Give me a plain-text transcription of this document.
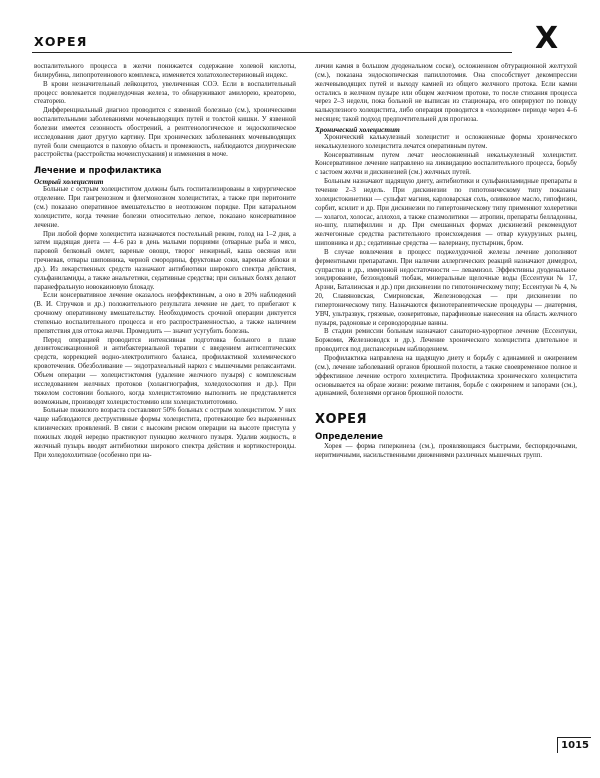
ХОРЕЯ	Х

воспалительного процесса в желчи понижается содержание холевой кислоты, билирубина, липопротеинового комплекса, изменяется холатохолестериновый индекс.

В крови незначительный лейкоцитоз, увеличенная СОЭ. Если в воспалительный процесс вовлекается поджелудочная железа, то обнаруживают амилорею, креаторею, стеаторею.

Дифференциальный диагноз проводится с язвенной болезнью (см.), хроническими воспалительными заболеваниями мочевыводящих путей и толстой кишки. У язвенной болезни имеется сезонность обострений, а рентгенологическое и эндоскопическое исследования дают другую картину. При хронических заболеваниях мочевыводящих путей боли смещаются в паховую область и промежность, наблюдаются дизурические расстройства (расстройства мочеиспускания) и изменения в моче.

Лечение и профилактика
Острый холецистит

Больные с острым холециститом должны быть госпитализированы в хирургическое отделение. При гангренозном и флегмонозном холециститах, а также при перитоните (см.) показано оперативное вмешательство в неотложном порядке. При катаральном холецистите, когда течение болезни относительно легкое, показано консервативное лечение.

При любой форме холецистита назначаются постельный режим, голод на 1–2 дня, а затем щадящая диета — 4–6 раз в день малыми порциями (отварные рыба и мясо, паровой белковый омлет, вареные овощи, творог нежирный, каша овсяная или гречневая, отвары шиповника, черной смородины, фруктовые соки, вареные яблоки и др.). Из лекарственных средств назначают антибиотики широкого спектра действия, сульфаниламиды, а также анальгетики, седативные средства; при сильных болях делают паранефральную новокаиновую блокаду.

Если консервативное лечение оказалось неэффективным, а оно в 20% наблюдений (В. И. Стручков и др.) положительного результата лечение не дает, то прибегают к срочному оперативному вмешательству. Необходимость срочной операции диктуется степенью воспалительного процесса и его распространенностью, а также наличием препятствия для оттока желчи. Промедлить — значит усугубить болезнь.

Перед операцией проводится интенсивная подготовка больного в плане дезинтоксикационной и антибактериальной терапии с введением антисептических средств, коррекцией водно-электролитного баланса, профилактикой холемического кровотечения. Обезболивание — эндотрахеальный наркоз с мышечными релаксантами. Объем операции — холецистэктомия (удаление желчного пузыря) с комплексным исследованием желчных протоков (холангиография, холедохоскопия и др.). При тяжелом состоянии больного, когда холецистэктомию выполнить не представляется возможным, производят холецистостомию или холецистолитотомию.

Больные пожилого возраста составляют 50% больных с острым холециститом. У них чаще наблюдаются деструктивные формы холецистита, протекающие без выраженных клинических проявлений. В связи с высоким риском операции на высоте приступа у пожилых людей нередко практикуют пункцию желчного пузыря. Удалив жидкость, в желчный пузырь вводят антибиотики широкого спектра действия и кортикостероиды. При холедохолитиазе (особенно при на-

личии камня в большом дуоденальном соске), осложненном обтурационной желтухой (см.), показана эндоскопическая папиллотомия. Она способствует декомпрессии желчевыводящих путей и выходу камней из общего желчного протока. Если камни остались в желчном пузыре или общем желчном протоке, то после стихания процесса через 2–3 недели, пока больной не выписан из стационара, его оперируют по поводу калькулезного холецистита, либо операция проводится в «холодном» периоде через 4–6 месяцев; такой подход предпочтительней для прогноза.

Хронический холецистит

Хронический калькулезный холецистит и осложненные формы хронического некалькулезного холецистита лечатся оперативным путем.

Консервативным путем лечат неосложненный некалькулезный холецистит. Консервативное лечение направлено на ликвидацию воспалительного процесса, борьбу с застоем желчи и дискинезией (см.) желчных путей.

Больным назначают щадящую диету, антибиотики и сульфаниламидные препараты в течение 2–3 недель. При дискинезии по гипотоническому типу показаны холецистокинетики — сульфат магния, карловарская соль, оливковое масло, гипофизин, сорбит, ксилит и др. При дискинезии по гипертоническому типу применяют холеретики — холагол, холосас, аллохол, а также спазмолитики — атропин, препараты белладонны, но-шпу, платифиллин и др. При смешанных формах дискинезий рекомендуют желчегонные средства растительного происхождения — отвар кукурузных рылец, шиповника и др.; седативные средства — валериану, пустырник, бром.

В случае вовлечения в процесс поджелудочной железы лечение дополняют ферментными препаратами. При наличии аллергических реакций назначают димедрол, супрастин и др., иммунной недостаточности — левамизол. Эффективны дуоденальное зондирование, беззондовый тюбаж, минеральные щелочные воды (Ессентуки № 17, Арзни, Баталинская и др.) при дискинезии по гипотоническому типу; Ессентуки № 4, № 20, Славяновская, Смирновская, Железноводская — при дискинезии по гипертоническому типу. Назначаются физиотерапевтические процедуры — диатермия, УВЧ, ультразвук, грязевые, озокеритовые, парафиновые нанесения на область желчного пузыря, радоновые и сероводородные ванны.

В стадии ремиссии больным назначают санаторно-курортное лечение (Ессентуки, Боржоми, Железноводск и др.). Лечение хронического холецистита длительное и проводится под диспансерным наблюдением.

Профилактика направлена на щадящую диету и борьбу с адинамией и ожирением (см.), лечение заболеваний органов брюшной полости, а также своевременное полное и эффективное лечение острого холецистита. Профилактика хронического холецистита основывается на образе жизни: режиме питания, борьбе с ожирением и запорами (см.), адинамией, болезнями органов брюшной полости.

ХОРЕЯ
Определение

Хорея — форма гиперкинеза (см.), проявляющаяся быстрыми, беспорядочными, неритмичными, насильственными движениями различных мышечных групп.

1015
